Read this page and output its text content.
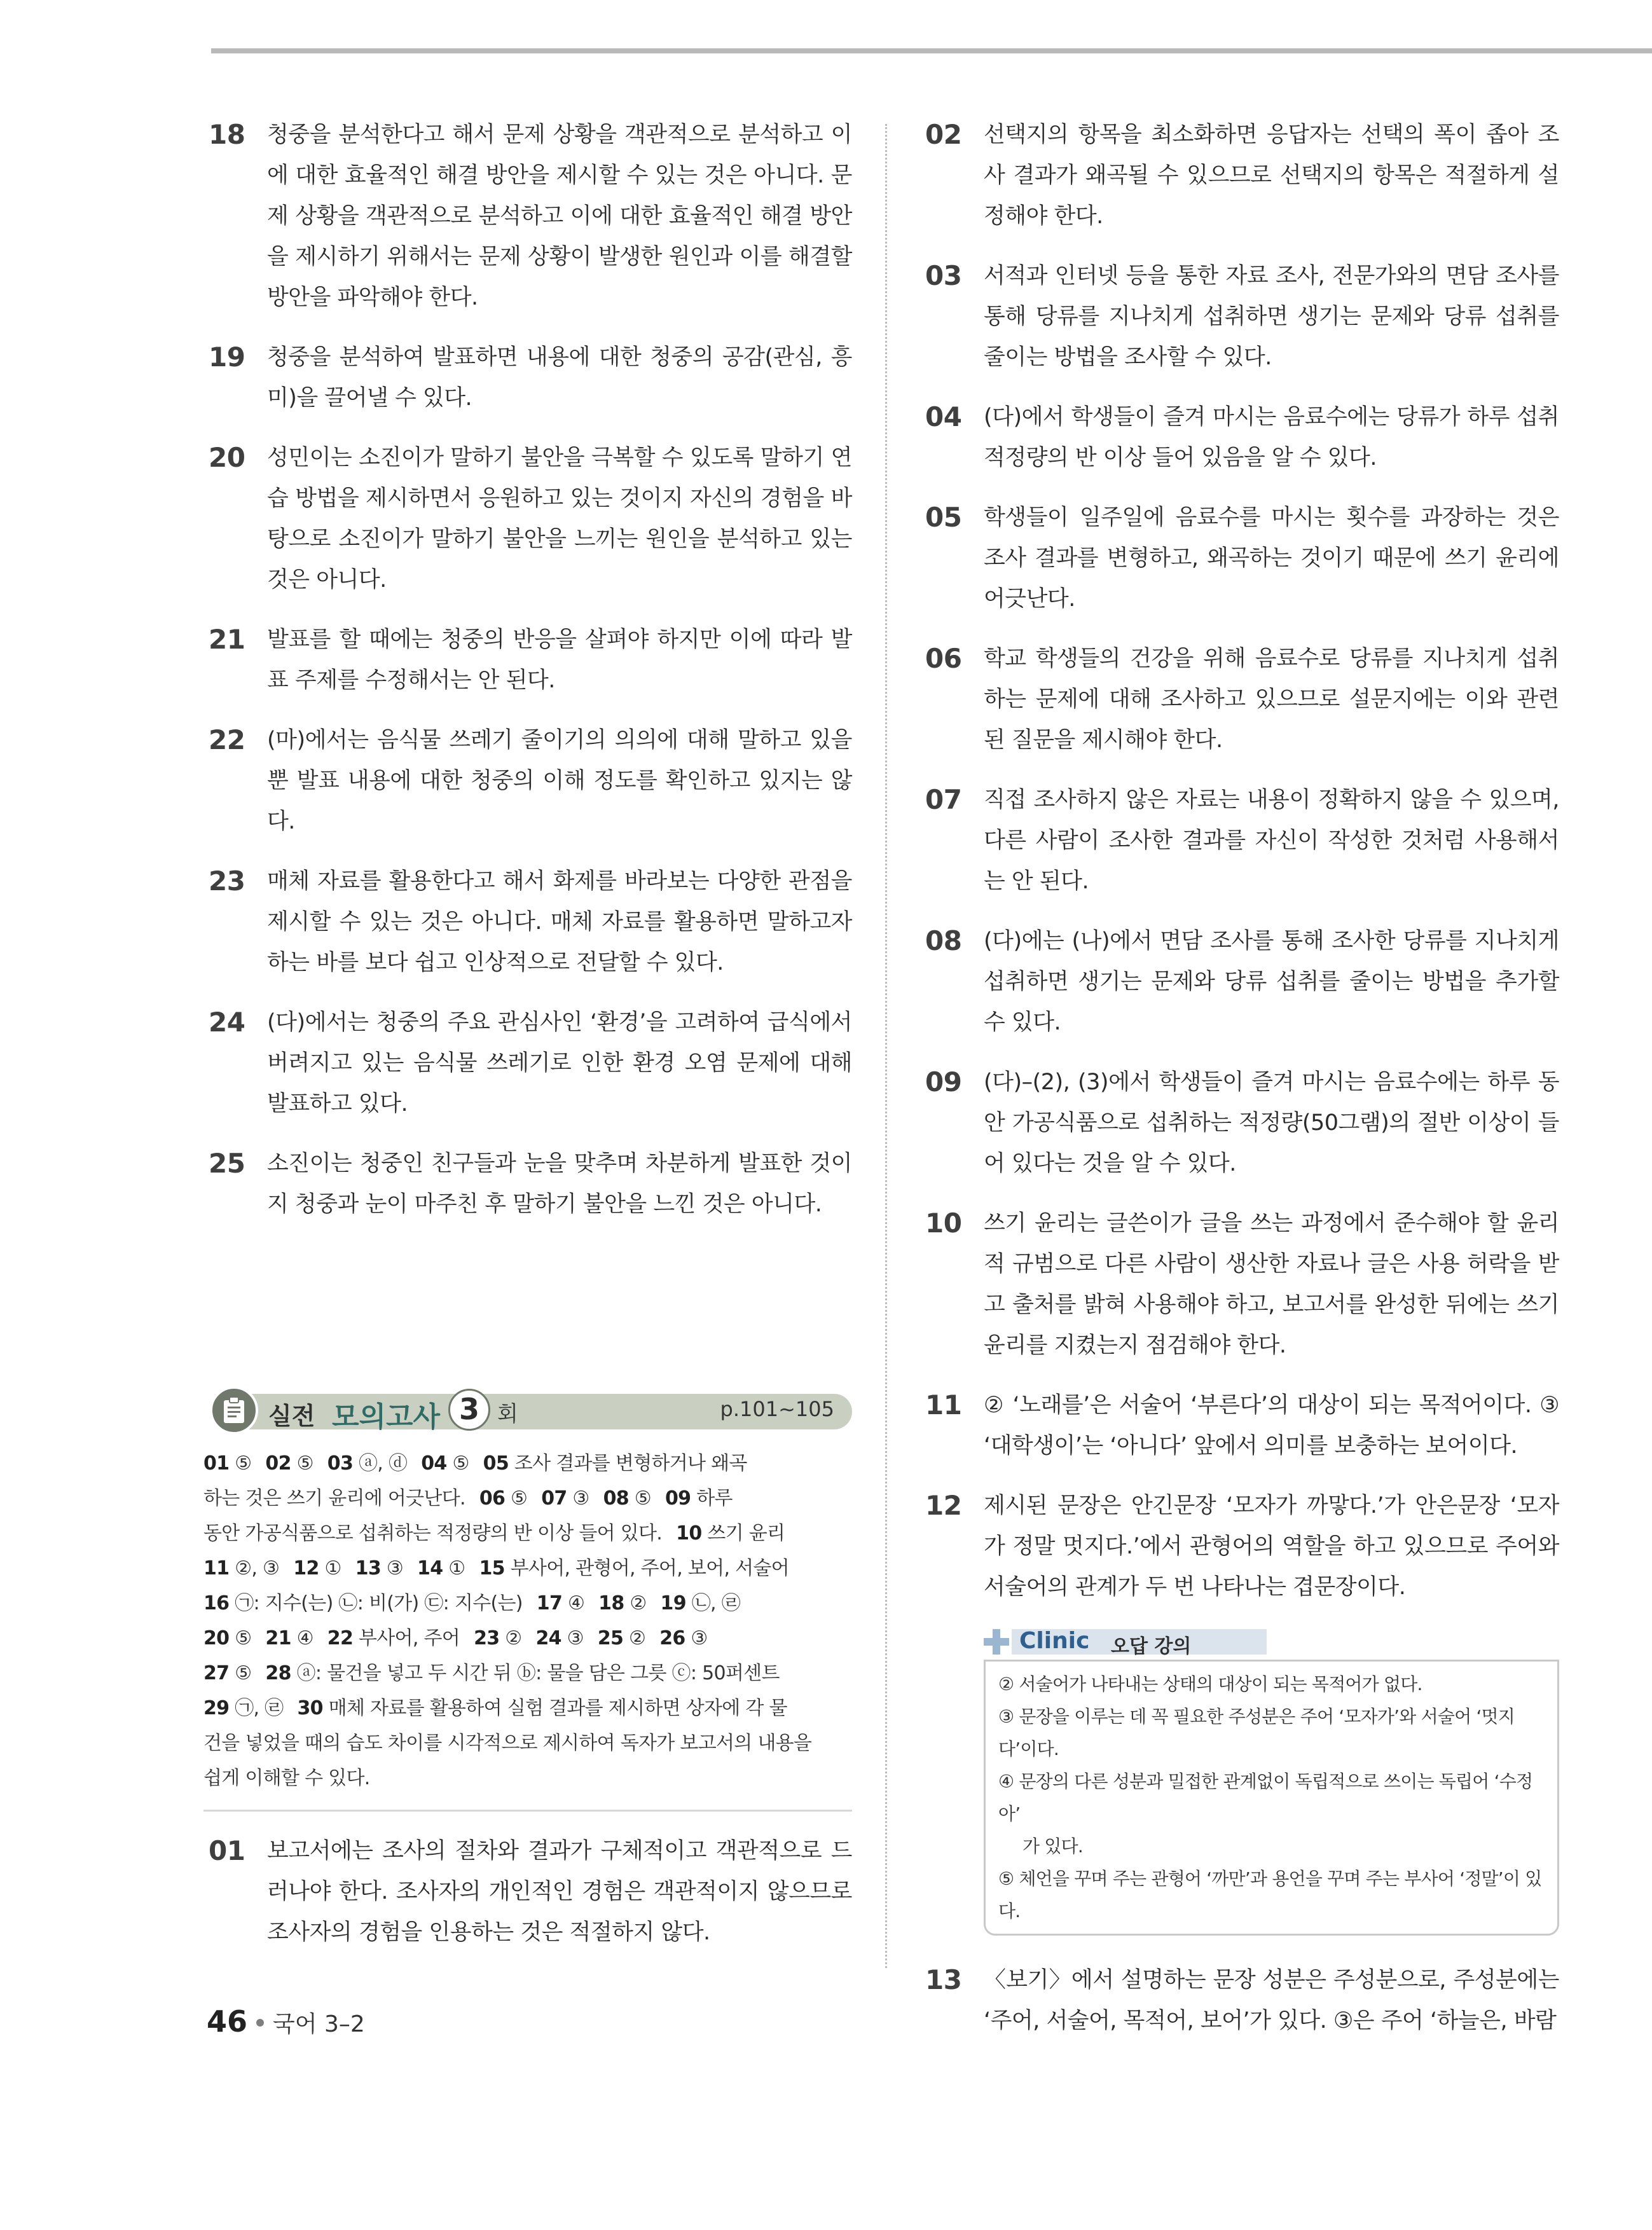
18 청중을 분석한다고 해서 문제 상황을 객관적으로 분석하고 이에 대한 효율적인 해결 방안을 제시할 수 있는 것은 아니다. 문제 상황을 객관적으로 분석하고 이에 대한 효율적인 해결 방안을 제시하기 위해서는 문제 상황이 발생한 원인과 이를 해결할 방안을 파악해야 한다.
19 청중을 분석하여 발표하면 내용에 대한 청중의 공감(관심, 흥미)을 끌어낼 수 있다.
20 성민이는 소진이가 말하기 불안을 극복할 수 있도록 말하기 연습 방법을 제시하면서 응원하고 있는 것이지 자신의 경험을 바탕으로 소진이가 말하기 불안을 느끼는 원인을 분석하고 있는 것은 아니다.
21 발표를 할 때에는 청중의 반응을 살펴야 하지만 이에 따라 발표 주제를 수정해서는 안 된다.
22 (마)에서는 음식물 쓰레기 줄이기의 의의에 대해 말하고 있을 뿐 발표 내용에 대한 청중의 이해 정도를 확인하고 있지는 않다.
23 매체 자료를 활용한다고 해서 화제를 바라보는 다양한 관점을 제시할 수 있는 것은 아니다. 매체 자료를 활용하면 말하고자 하는 바를 보다 쉽고 인상적으로 전달할 수 있다.
24 (다)에서는 청중의 주요 관심사인 ‘환경’을 고려하여 급식에서 버려지고 있는 음식물 쓰레기로 인한 환경 오염 문제에 대해 발표하고 있다.
25 소진이는 청중인 친구들과 눈을 맞추며 차분하게 발표한 것이지 청중과 눈이 마주친 후 말하기 불안을 느낀 것은 아니다.
실전 모의고사 3 회	p.101~105
01 ⑤ 02 ⑤ 03 ⓐ, ⓓ 04 ⑤ 05 조사 결과를 변형하거나 왜곡
하는 것은 쓰기 윤리에 어긋난다. 06 ⑤ 07 ③ 08 ⑤ 09 하루
동안 가공식품으로 섭취하는 적정량의 반 이상 들어 있다. 10 쓰기 윤리
11 ②, ③ 12 ① 13 ③ 14 ① 15 부사어, 관형어, 주어, 보어, 서술어
16 ㉠: 지수(는) ㉡: 비(가) ㉢: 지수(는) 17 ④ 18 ② 19 ㉡, ㉣
20 ⑤ 21 ④ 22 부사어, 주어 23 ② 24 ③ 25 ② 26 ③
27 ⑤ 28 ⓐ: 물건을 넣고 두 시간 뒤 ⓑ: 물을 담은 그릇 ⓒ: 50퍼센트
29 ㉠, ㉣ 30 매체 자료를 활용하여 실험 결과를 제시하면 상자에 각 물
건을 넣었을 때의 습도 차이를 시각적으로 제시하여 독자가 보고서의 내용을
쉽게 이해할 수 있다.
01 보고서에는 조사의 절차와 결과가 구체적이고 객관적으로 드러나야 한다. 조사자의 개인적인 경험은 객관적이지 않으므로 조사자의 경험을 인용하는 것은 적절하지 않다.
02 선택지의 항목을 최소화하면 응답자는 선택의 폭이 좁아 조사 결과가 왜곡될 수 있으므로 선택지의 항목은 적절하게 설정해야 한다.
03 서적과 인터넷 등을 통한 자료 조사, 전문가와의 면담 조사를 통해 당류를 지나치게 섭취하면 생기는 문제와 당류 섭취를 줄이는 방법을 조사할 수 있다.
04 (다)에서 학생들이 즐겨 마시는 음료수에는 당류가 하루 섭취 적정량의 반 이상 들어 있음을 알 수 있다.
05 학생들이 일주일에 음료수를 마시는 횟수를 과장하는 것은 조사 결과를 변형하고, 왜곡하는 것이기 때문에 쓰기 윤리에 어긋난다.
06 학교 학생들의 건강을 위해 음료수로 당류를 지나치게 섭취하는 문제에 대해 조사하고 있으므로 설문지에는 이와 관련된 질문을 제시해야 한다.
07 직접 조사하지 않은 자료는 내용이 정확하지 않을 수 있으며, 다른 사람이 조사한 결과를 자신이 작성한 것처럼 사용해서는 안 된다.
08 (다)에는 (나)에서 면담 조사를 통해 조사한 당류를 지나치게 섭취하면 생기는 문제와 당류 섭취를 줄이는 방법을 추가할 수 있다.
09 (다)–(2), (3)에서 학생들이 즐겨 마시는 음료수에는 하루 동안 가공식품으로 섭취하는 적정량(50그램)의 절반 이상이 들어 있다는 것을 알 수 있다.
10 쓰기 윤리는 글쓴이가 글을 쓰는 과정에서 준수해야 할 윤리적 규범으로 다른 사람이 생산한 자료나 글은 사용 허락을 받고 출처를 밝혀 사용해야 하고, 보고서를 완성한 뒤에는 쓰기 윤리를 지켰는지 점검해야 한다.
11 ② ‘노래를’은 서술어 ‘부른다’의 대상이 되는 목적어이다. ③ ‘대학생이’는 ‘아니다’ 앞에서 의미를 보충하는 보어이다.
12 제시된 문장은 안긴문장 ‘모자가 까맣다.’가 안은문장 ‘모자가 정말 멋지다.’에서 관형어의 역할을 하고 있으므로 주어와 서술어의 관계가 두 번 나타나는 겹문장이다.
Clinic 오답 강의
② 서술어가 나타내는 상태의 대상이 되는 목적어가 없다.
③ 문장을 이루는 데 꼭 필요한 주성분은 주어 ‘모자가’와 서술어 ‘멋지다’이다.
④ 문장의 다른 성분과 밀접한 관계없이 독립적으로 쓰이는 독립어 ‘수정아’
가 있다.
⑤ 체언을 꾸며 주는 관형어 ‘까만’과 용언을 꾸며 주는 부사어 ‘정말’이 있다.
13 〈보기〉에서 설명하는 문장 성분은 주성분으로, 주성분에는 ‘주어, 서술어, 목적어, 보어’가 있다. ③은 주어 ‘하늘은, 바람
46 국어 3–2
